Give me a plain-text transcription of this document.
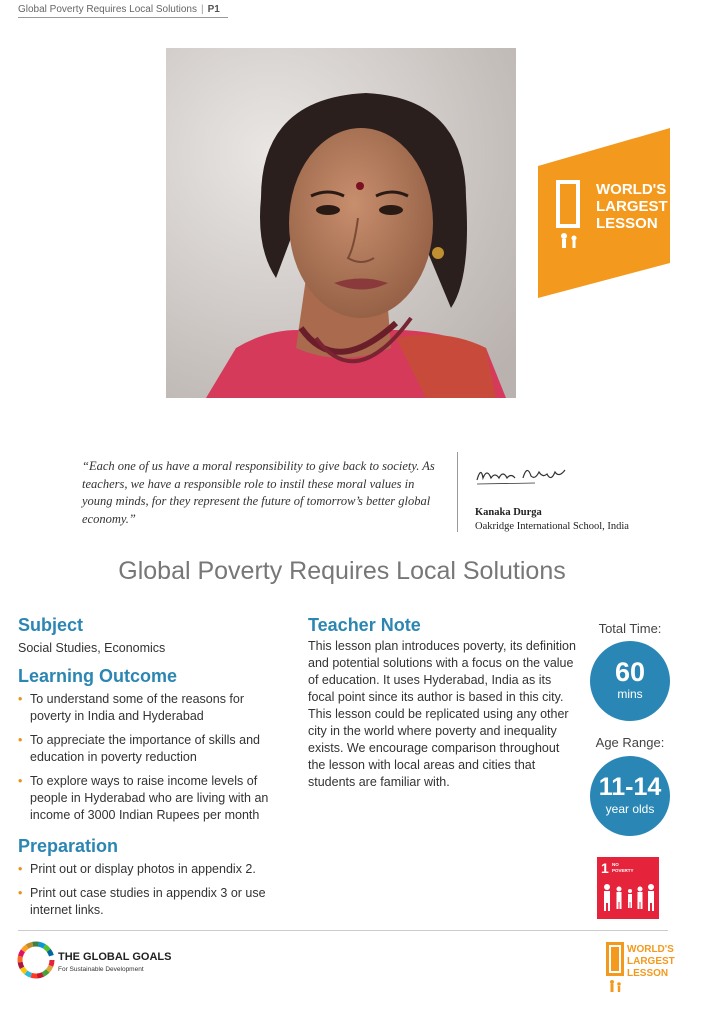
Global Poverty Requires Local Solutions | P1
WORLD'S
LARGEST
LESSON
“Each one of us have a moral responsibility to give back to society. As teachers, we have a responsible role to instil these moral values in young minds, for they represent the future of tomorrow’s better global economy.”	Kanaka Durga
Oakridge International School, India
Global Poverty Requires Local Solutions
Subject
Social Studies, Economics
Learning Outcome
• To understand some of the reasons for poverty in India and Hyderabad
• To appreciate the importance of skills and education in poverty reduction
• To explore ways to raise income levels of people in Hyderabad who are living with an income of 3000 Indian Rupees per month
Preparation
• Print out or display photos in appendix 2.
• Print out case studies in appendix 3 or use internet links.
Teacher Note
This lesson plan introduces poverty, its definition and potential solutions with a focus on the value of education. It uses Hyderabad, India as its focal point since its author is based in this city. This lesson could be replicated using any other city in the world where poverty and inequality exists. We encourage comparison throughout the lesson with local areas and cities that students are familiar with.
Total Time:
60
mins
Age Range:
11-14
year olds
1 NO
POVERTY
THE GLOBAL GOALS
For Sustainable Development
WORLD'S
LARGEST
LESSON
